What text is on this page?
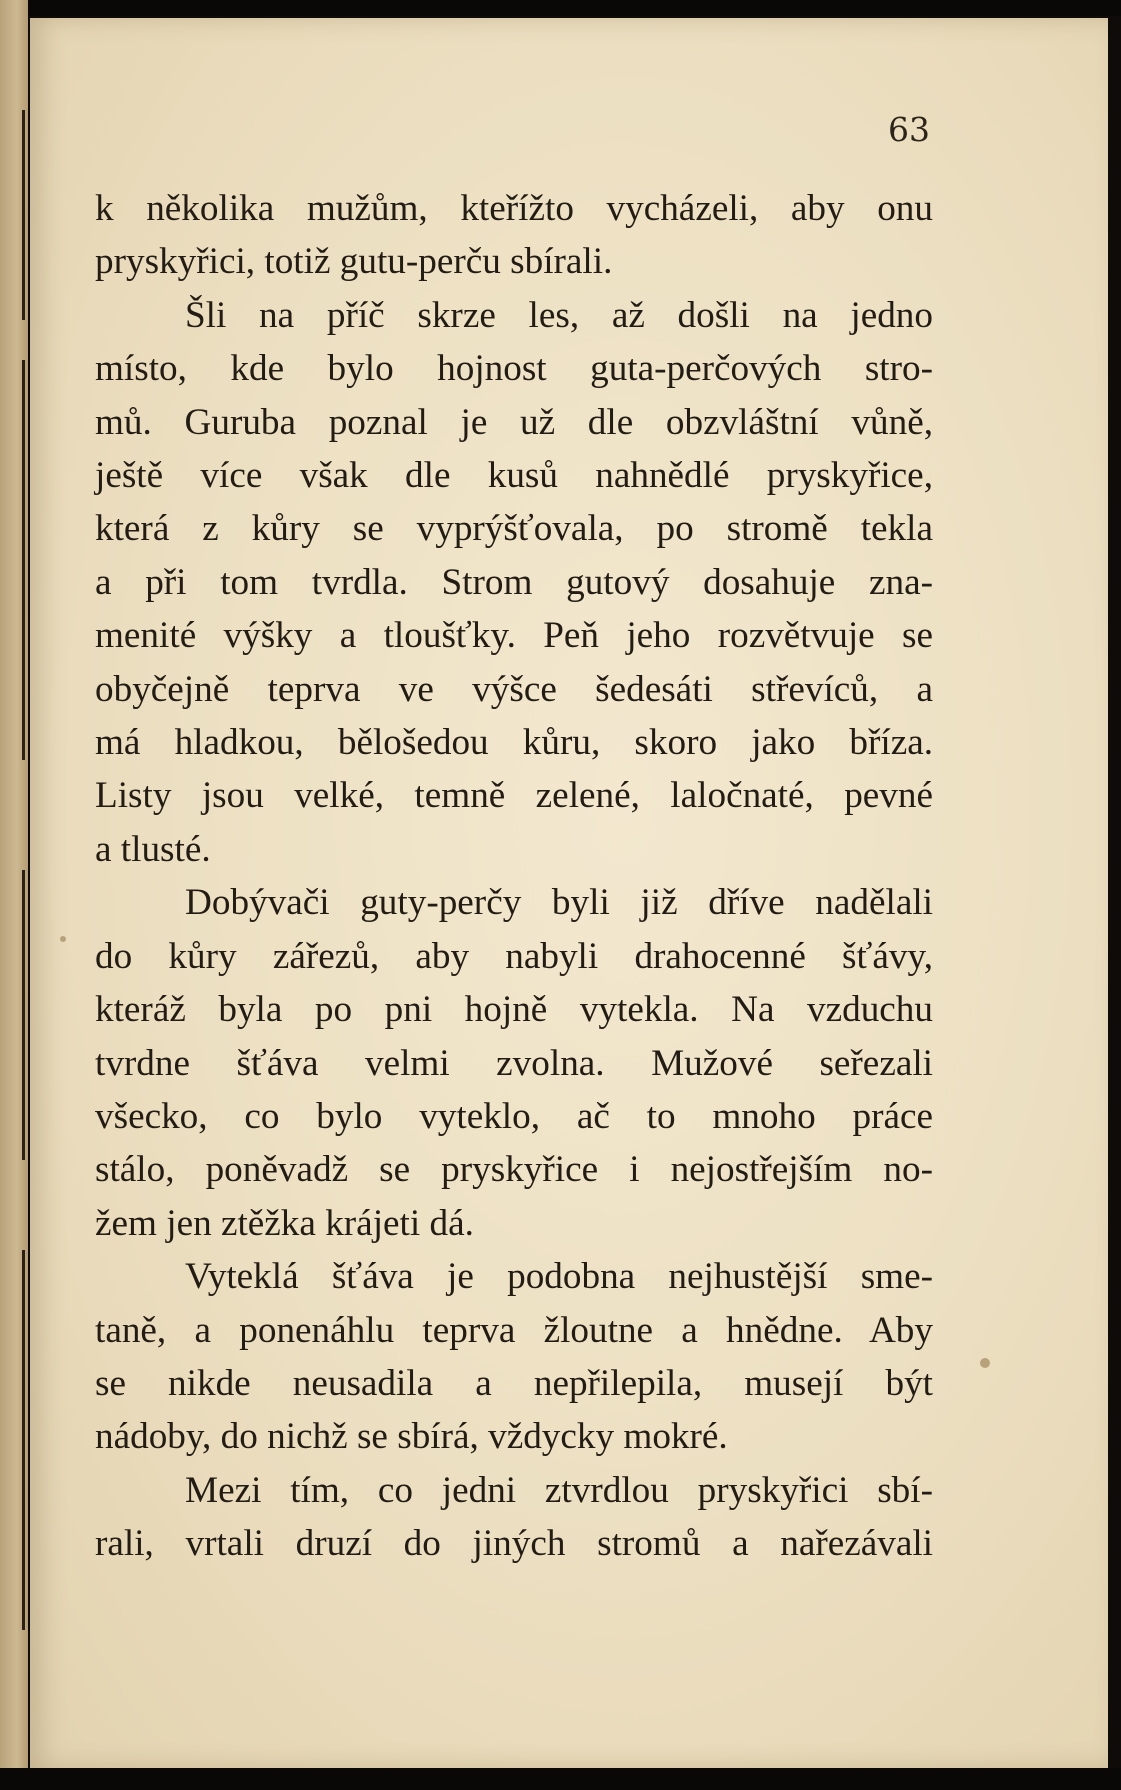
63

k několika mužům, kteřížto vycházeli, aby onu
pryskyřici, totiž gutu-perču sbírali.

Šli na příč skrze les, až došli na jedno
místo, kde bylo hojnost guta-perčových stro-
mů. Guruba poznal je už dle obzvláštní vůně,
ještě více však dle kusů nahnědlé pryskyřice,
která z kůry se vyprýšťovala, po stromě tekla
a při tom tvrdla. Strom gutový dosahuje zna-
menité výšky a tloušťky. Peň jeho rozvětvuje se
obyčejně teprva ve výšce šedesáti střevíců, a
má hladkou, bělošedou kůru, skoro jako bříza.
Listy jsou velké, temně zelené, laločnaté, pevné
a tlusté.

Dobývači guty-perčy byli již dříve nadělali
do kůry zářezů, aby nabyli drahocenné šťávy,
kteráž byla po pni hojně vytekla. Na vzduchu
tvrdne šťáva velmi zvolna. Mužové seřezali
všecko, co bylo vyteklo, ač to mnoho práce
stálo, poněvadž se pryskyřice i nejostřejším no-
žem jen ztěžka krájeti dá.

Vyteklá šťáva je podobna nejhustější sme-
taně, a ponenáhlu teprva žloutne a hnědne. Aby
se nikde neusadila a nepřilepila, musejí být
nádoby, do nichž se sbírá, vždycky mokré.

Mezi tím, co jedni ztvrdlou pryskyřici sbí-
rali, vrtali druzí do jiných stromů a nařezávali
